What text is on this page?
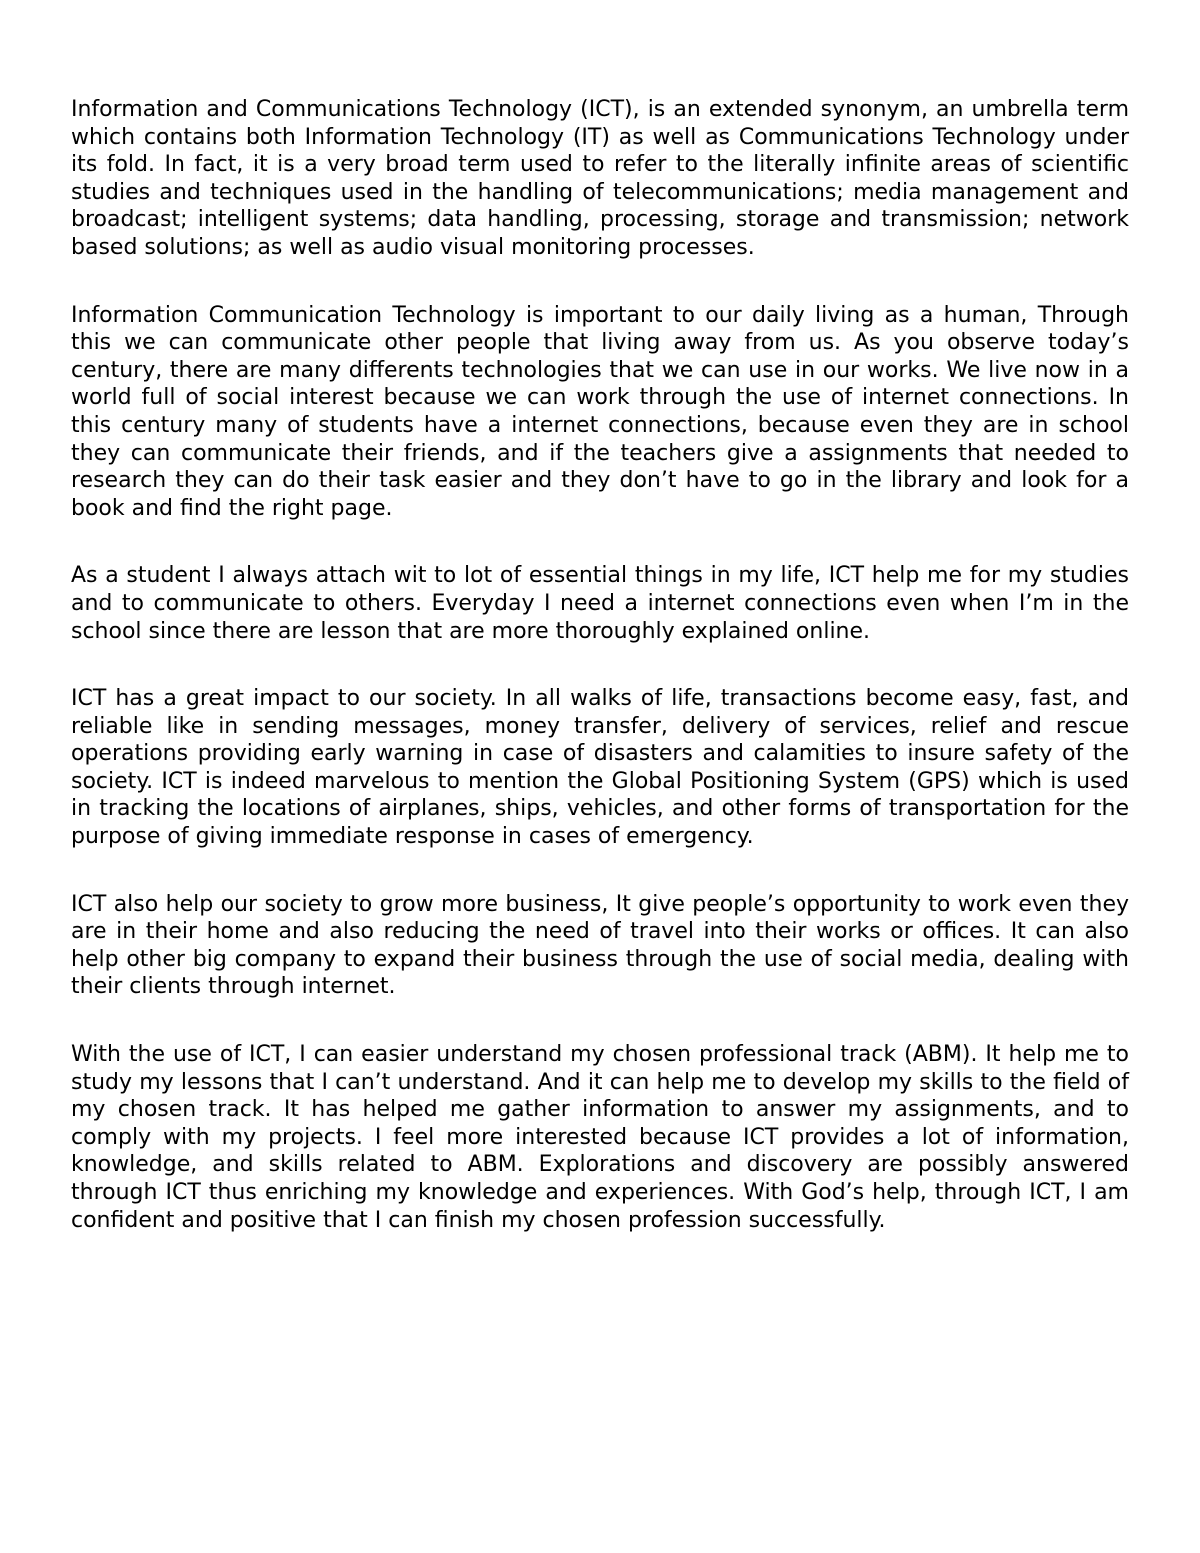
Information and Communications Technology (ICT), is an extended synonym, an umbrella term which contains both Information Technology (IT) as well as Communications Technology under its fold. In fact, it is a very broad term used to refer to the literally infinite areas of scientific studies and techniques used in the handling of telecommunications; media management and broadcast; intelligent systems; data handling, processing, storage and transmission; network based solutions; as well as audio visual monitoring processes.

Information Communication Technology is important to our daily living as a human, Through this we can communicate other people that living away from us. As you observe today’s century, there are many differents technologies that we can use in our works. We live now in a world full of social interest because we can work through the use of internet connections. In this century many of students have a internet connections, because even they are in school they can communicate their friends, and if the teachers give a assignments that needed to research they can do their task easier and they don’t have to go in the library and look for a book and find the right page.

As a student I always attach wit to lot of essential things in my life, ICT help me for my studies and to communicate to others. Everyday I need a internet connections even when I’m in the school since there are lesson that are more thoroughly explained online.

ICT has a great impact to our society. In all walks of life, transactions become easy, fast, and reliable like in sending messages, money transfer, delivery of services, relief and rescue operations providing early warning in case of disasters and calamities to insure safety of the society. ICT is indeed marvelous to mention the Global Positioning System (GPS) which is used in tracking the locations of airplanes, ships, vehicles, and other forms of transportation for the purpose of giving immediate response in cases of emergency.

ICT also help our society to grow more business, It give people’s opportunity to work even they are in their home and also reducing the need of travel into their works or offices. It can also help other big company to expand their business through the use of social media, dealing with their clients through internet.

With the use of ICT, I can easier understand my chosen professional track (ABM). It help me to study my lessons that I can’t understand. And it can help me to develop my skills to the field of my chosen track. It has helped me gather information to answer my assignments, and to comply with my projects. I feel more interested because ICT provides a lot of information, knowledge, and skills related to ABM. Explorations and discovery are possibly answered through ICT thus enriching my knowledge and experiences. With God’s help, through ICT, I am confident and positive that I can finish my chosen profession successfully.
